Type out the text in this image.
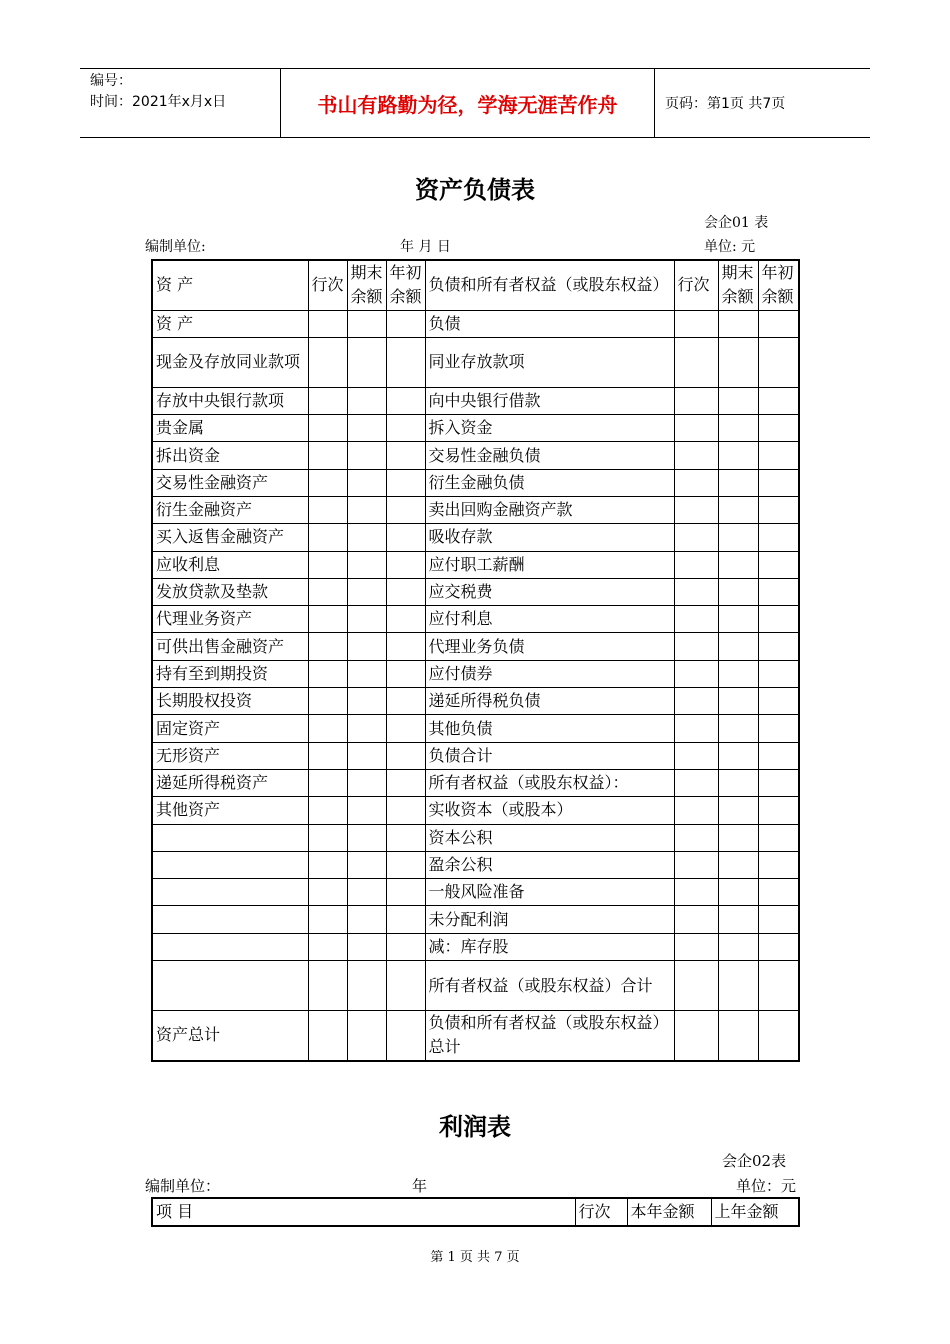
编号：
时间：2021年x月x日	书山有路勤为径，学海无涯苦作舟	页码：第1页 共7页
资产负债表
会企01 表
编制单位:	年 月 日	单位: 元
资 产	行次	期末余额	年初余额	负债和所有者权益（或股东权益）	行次	期末余额	年初余额
资 产				负债			
现金及存放同业款项				同业存放款项			
存放中央银行款项				向中央银行借款			
贵金属				拆入资金			
拆出资金				交易性金融负债			
交易性金融资产				衍生金融负债			
衍生金融资产				卖出回购金融资产款			
买入返售金融资产				吸收存款			
应收利息				应付职工薪酬			
发放贷款及垫款				应交税费			
代理业务资产				应付利息			
可供出售金融资产				代理业务负债			
持有至到期投资				应付债券			
长期股权投资				递延所得税负债			
固定资产				其他负债			
无形资产				负债合计			
递延所得税资产				所有者权益（或股东权益）：			
其他资产				实收资本（或股本）			
				资本公积			
				盈余公积			
				一般风险准备			
				未分配利润			
				减：库存股			
				所有者权益（或股东权益）合计			
资产总计				负债和所有者权益（或股东权益）总计			
利润表
会企02表
编制单位：	年	单位：元
项 目	行次	本年金额	上年金额
第 1 页 共 7 页
